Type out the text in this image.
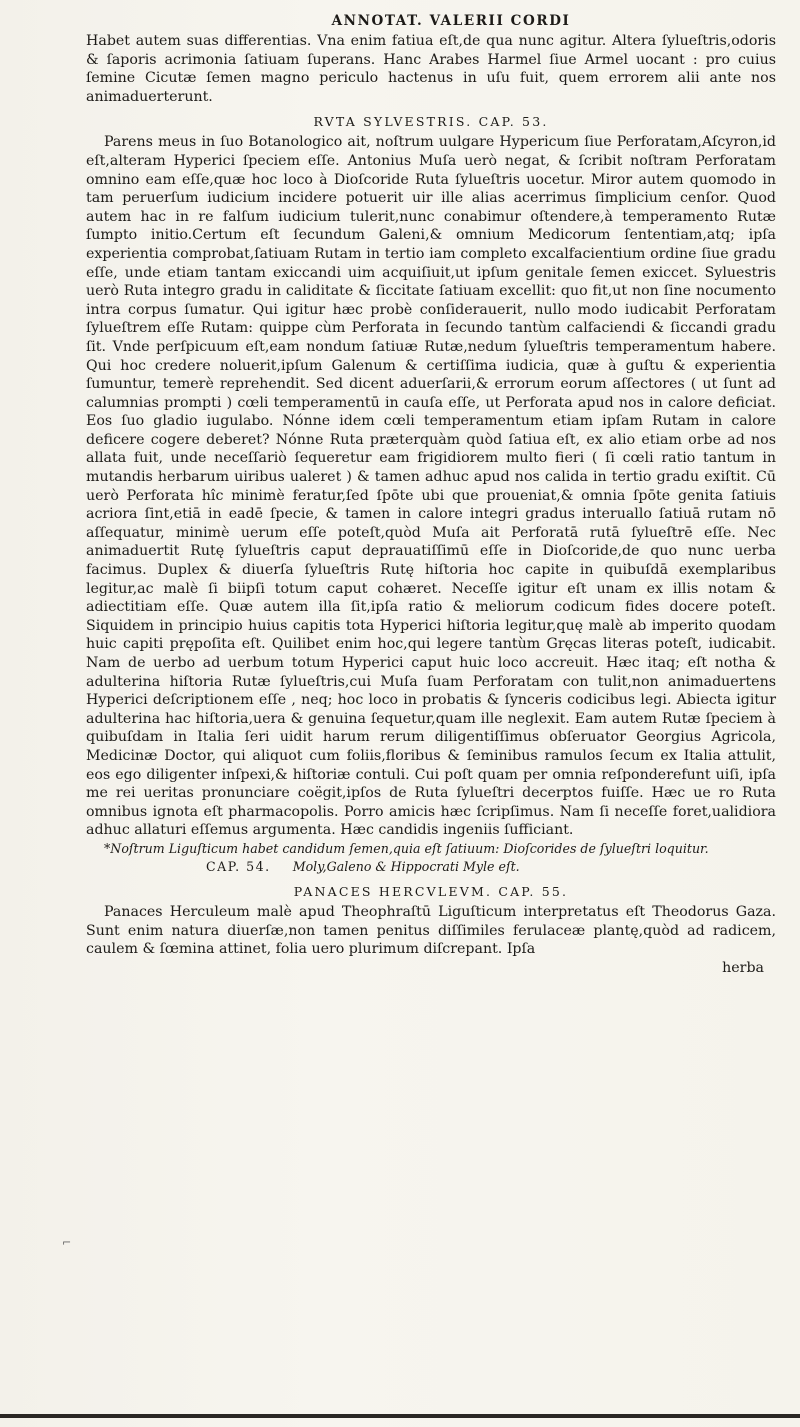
ANNOTAT. VALERII CORDI

Habet autem suas differentias. Vna enim fatiua eſt,de qua nunc agitur. Altera ſylueſtris,odoris & ſaporis acrimonia ſatiuam ſuperans. Hanc Arabes Harmel ſiue Armel uocant : pro cuius ſemine Cicutæ ſemen magno periculo hactenus in uſu fuit, quem errorem alii ante nos animaduerterunt.

RVTA SYLVESTRIS. CAP. 53.

Parens meus in ſuo Botanologico ait, noſtrum uulgare Hypericum ſiue Perforatam,Aſcyron,id eſt,alteram Hyperici ſpeciem eſſe. Antonius Muſa uerò negat, & ſcribit noſtram Perforatam omnino eam eſſe,quæ hoc loco à Dioſcoride Ruta ſylueſtris uocetur. Miror autem quomodo in tam peruerſum iudicium incidere potuerit uir ille alias acerrimus ſimplicium cenſor. Quod autem hac in re falſum iudicium tulerit,nunc conabimur oſtendere,à temperamento Rutæ ſumpto initio.Certum eſt ſecundum Galeni,& omnium Medicorum ſententiam,atq; ipſa experientia comprobat,ſatiuam Rutam in tertio iam completo excalfacientium ordine ſiue gradu eſſe, unde etiam tantam exiccandi uim acquiſiuit,ut ipſum genitale ſemen exiccet. Syluestris uerò Ruta integro gradu in caliditate & ſiccitate ſatiuam excellit: quo fit,ut non ſine nocumento intra corpus ſumatur. Qui igitur hæc probè conſiderauerit, nullo modo iudicabit Perforatam ſylueſtrem eſſe Rutam: quippe cùm Perforata in ſecundo tantùm calfaciendi & ſiccandi gradu ſit. Vnde perſpicuum eſt,eam nondum ſatiuæ Rutæ,nedum ſylueſtris temperamentum habere. Qui hoc credere noluerit,ipſum Galenum & certiſſima iudicia, quæ à guſtu & experientia ſumuntur, temerè reprehendit. Sed dicent aduerſarii,& errorum eorum aſſectores ( ut ſunt ad calumnias prompti ) cœli temperamentū in cauſa eſſe, ut Perforata apud nos in calore deficiat. Eos ſuo gladio iugulabo. Nónne idem cœli temperamentum etiam ipſam Rutam in calore deficere cogere deberet? Nónne Ruta præterquàm quòd ſatiua eſt, ex alio etiam orbe ad nos allata fuit, unde neceſſariò ſequeretur eam frigidiorem multo fieri ( ſi cœli ratio tantum in mutandis herbarum uiribus ualeret ) & tamen adhuc apud nos calida in tertio gradu exiſtit. Cū uerò Perforata hîc minimè feratur,ſed ſpōte ubi que proueniat,& omnia ſpōte genita ſatiuis acriora ſint,etiā in eadē ſpecie, & tamen in calore integri gradus interuallo ſatiuā rutam nō aſſequatur, minimè uerum eſſe poteſt,quòd Muſa ait Perforatā rutā ſylueſtrē eſſe. Nec animaduertit Rutę ſylueſtris caput deprauatiſſimū eſſe in Dioſcoride,de quo nunc uerba facimus. Duplex & diuerſa ſylueſtris Rutę hiſtoria hoc capite in quibuſdā exemplaribus legitur,ac malè ſi biipſi totum caput cohæret. Neceſſe igitur eſt unam ex illis notam & adiectitiam eſſe. Quæ autem illa ſit,ipſa ratio & meliorum codicum fides docere poteſt. Siquidem in principio huius capitis tota Hyperici hiſtoria legitur,quę malè ab imperito quodam huic capiti prępoſita eſt. Quilibet enim hoc,qui legere tantùm Gręcas literas poteſt, iudicabit. Nam de uerbo ad uerbum totum Hyperici caput huic loco accreuit. Hæc itaq; eſt notha & adulterina hiſtoria Rutæ ſylueſtris,cui Muſa ſuam Perforatam con tulit,non animaduertens Hyperici deſcriptionem eſſe , neq; hoc loco in probatis & ſynceris codicibus legi. Abiecta igitur adulterina hac hiſtoria,uera & genuina ſequetur,quam ille neglexit. Eam autem Rutæ ſpeciem à quibuſdam in Italia ſeri uidit harum rerum diligentiſſimus obſeruator Georgius Agricola, Medicinæ Doctor, qui aliquot cum foliis,floribus & ſeminibus ramulos ſecum ex Italia attulit, eos ego diligenter inſpexi,& hiſtoriæ contuli. Cui poſt quam per omnia reſponderefunt uiſi, ipſa me rei ueritas pronunciare coëgit,ipſos de Ruta ſylueſtri decerptos fuiſſe. Hæc ue ro Ruta omnibus ignota eſt pharmacopolis. Porro amicis hæc ſcripſimus. Nam ſi neceſſe foret,ualidiora adhuc allaturi eſſemus argumenta. Hæc candidis ingeniis ſufficiant.

*Noſtrum Liguſticum habet candidum ſemen,quia eſt ſatiuum: Dioſcorides de ſylueſtri loquitur.

CAP. 54. Moly,Galeno & Hippocrati Myle eſt.
PANACES HERCVLEVM. CAP. 55.

Panaces Herculeum malè apud Theophraſtū Liguſticum interpretatus eſt Theodorus Gaza. Sunt enim natura diuerſæ,non tamen penitus diſſimiles ferulaceæ plantę,quòd ad radicem, caulem & ſœmina attinet, folia uero plurimum diſcrepant. Ipſa

herba
⌐
